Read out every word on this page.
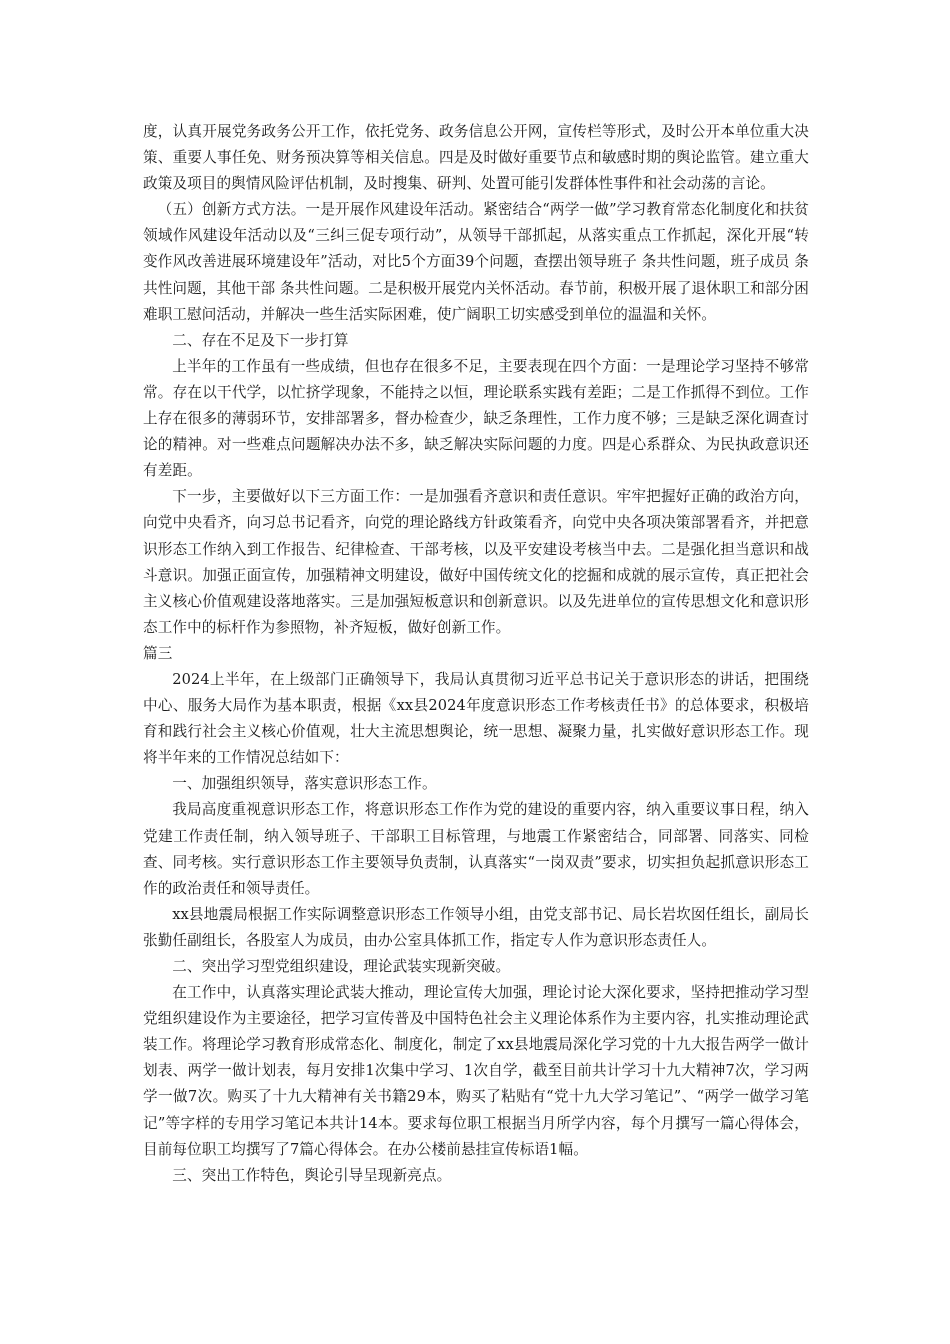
度，认真开展党务政务公开工作，依托党务、政务信息公开网，宣传栏等形式，及时公开本单位重大决策、重要人事任免、财务预决算等相关信息。四是及时做好重要节点和敏感时期的舆论监管。建立重大政策及项目的舆情风险评估机制，及时搜集、研判、处置可能引发群体性事件和社会动荡的言论。

（五）创新方式方法。一是开展作风建设年活动。紧密结合“两学一做”学习教育常态化制度化和扶贫领域作风建设年活动以及“三纠三促专项行动”，从领导干部抓起，从落实重点工作抓起，深化开展“转变作风改善进展环境建设年”活动，对比5个方面39个问题，查摆出领导班子 条共性问题，班子成员 条共性问题，其他干部 条共性问题。二是积极开展党内关怀活动。春节前，积极开展了退休职工和部分困难职工慰问活动，并解决一些生活实际困难，使广阔职工切实感受到单位的温温和关怀。

二、存在不足及下一步打算

上半年的工作虽有一些成绩，但也存在很多不足，主要表现在四个方面：一是理论学习坚持不够常常。存在以干代学，以忙挤学现象，不能持之以恒，理论联系实践有差距；二是工作抓得不到位。工作上存在很多的薄弱环节，安排部署多，督办检查少，缺乏条理性，工作力度不够；三是缺乏深化调查讨论的精神。对一些难点问题解决办法不多，缺乏解决实际问题的力度。四是心系群众、为民执政意识还有差距。

下一步，主要做好以下三方面工作：一是加强看齐意识和责任意识。牢牢把握好正确的政治方向，向党中央看齐，向习总书记看齐，向党的理论路线方针政策看齐，向党中央各项决策部署看齐，并把意识形态工作纳入到工作报告、纪律检查、干部考核，以及平安建设考核当中去。二是强化担当意识和战斗意识。加强正面宣传，加强精神文明建设，做好中国传统文化的挖掘和成就的展示宣传，真正把社会主义核心价值观建设落地落实。三是加强短板意识和创新意识。以及先进单位的宣传思想文化和意识形态工作中的标杆作为参照物，补齐短板，做好创新工作。

篇三

2024上半年，在上级部门正确领导下，我局认真贯彻习近平总书记关于意识形态的讲话，把围绕中心、服务大局作为基本职责，根据《xx县2024年度意识形态工作考核责任书》的总体要求，积极培育和践行社会主义核心价值观，壮大主流思想舆论，统一思想、凝聚力量，扎实做好意识形态工作。现将半年来的工作情况总结如下：

一、加强组织领导，落实意识形态工作。

我局高度重视意识形态工作，将意识形态工作作为党的建设的重要内容，纳入重要议事日程，纳入党建工作责任制，纳入领导班子、干部职工目标管理，与地震工作紧密结合，同部署、同落实、同检查、同考核。实行意识形态工作主要领导负责制，认真落实“一岗双责”要求，切实担负起抓意识形态工作的政治责任和领导责任。

xx县地震局根据工作实际调整意识形态工作领导小组，由党支部书记、局长岩坎囡任组长，副局长张勤任副组长，各股室人为成员，由办公室具体抓工作，指定专人作为意识形态责任人。

二、突出学习型党组织建设，理论武装实现新突破。

在工作中，认真落实理论武装大推动，理论宣传大加强，理论讨论大深化要求，坚持把推动学习型党组织建设作为主要途径，把学习宣传普及中国特色社会主义理论体系作为主要内容，扎实推动理论武装工作。将理论学习教育形成常态化、制度化，制定了xx县地震局深化学习党的十九大报告两学一做计划表、两学一做计划表，每月安排1次集中学习、1次自学，截至目前共计学习十九大精神7次，学习两学一做7次。购买了十九大精神有关书籍29本，购买了粘贴有“党十九大学习笔记”、“两学一做学习笔记”等字样的专用学习笔记本共计14本。要求每位职工根据当月所学内容，每个月撰写一篇心得体会，目前每位职工均撰写了7篇心得体会。在办公楼前悬挂宣传标语1幅。

三、突出工作特色，舆论引导呈现新亮点。
